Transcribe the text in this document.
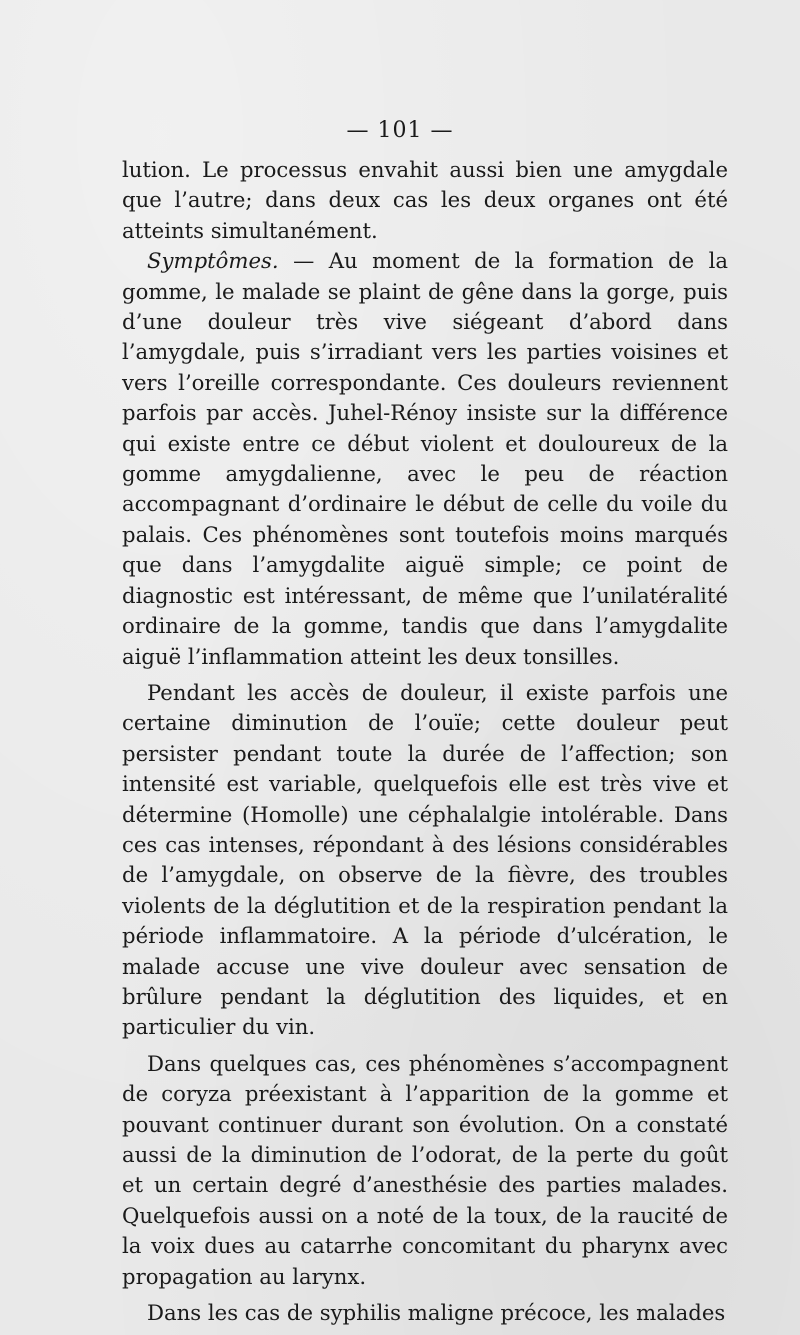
— 101 —

lution. Le processus envahit aussi bien une amygdale que l’autre; dans deux cas les deux organes ont été atteints simultanément.

Symptômes. — Au moment de la formation de la gomme, le malade se plaint de gêne dans la gorge, puis d’une douleur très vive siégeant d’abord dans l’amygdale, puis s’irradiant vers les parties voisines et vers l’oreille correspondante. Ces douleurs reviennent parfois par accès. Juhel-Rénoy insiste sur la différence qui existe entre ce début violent et douloureux de la gomme amygdalienne, avec le peu de réaction accompagnant d’ordinaire le début de celle du voile du palais. Ces phénomènes sont toutefois moins marqués que dans l’amygdalite aiguë simple; ce point de diagnostic est intéressant, de même que l’unilatéralité ordinaire de la gomme, tandis que dans l’amygdalite aiguë l’inflammation atteint les deux tonsilles.

Pendant les accès de douleur, il existe parfois une certaine diminution de l’ouïe; cette douleur peut persister pendant toute la durée de l’affection; son intensité est variable, quelquefois elle est très vive et détermine (Homolle) une céphalalgie intolérable. Dans ces cas intenses, répondant à des lésions considérables de l’amygdale, on observe de la fièvre, des troubles violents de la déglutition et de la respiration pendant la période inflammatoire. A la période d’ulcération, le malade accuse une vive douleur avec sensation de brûlure pendant la déglutition des liquides, et en particulier du vin.

Dans quelques cas, ces phénomènes s’accompagnent de coryza préexistant à l’apparition de la gomme et pouvant continuer durant son évolution. On a constaté aussi de la diminution de l’odorat, de la perte du goût et un certain degré d’anesthésie des parties malades. Quelquefois aussi on a noté de la toux, de la raucité de la voix dues au catarrhe concomitant du pharynx avec propagation au larynx.

Dans les cas de syphilis maligne précoce, les malades
